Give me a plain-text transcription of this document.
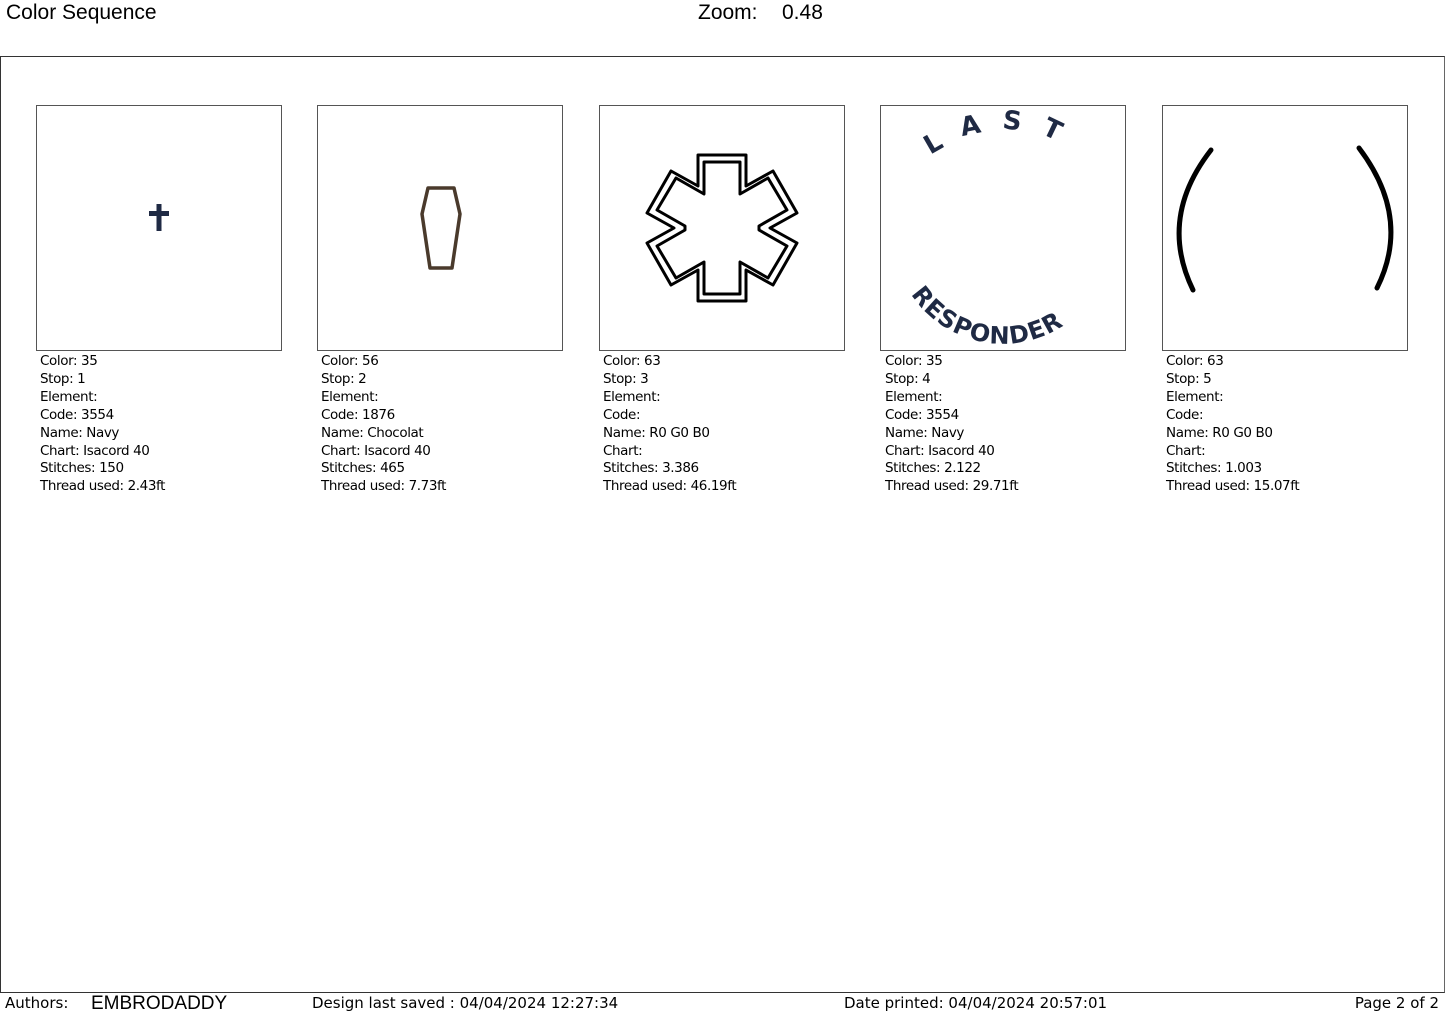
Color Sequence	Zoom: 0.48
LAST
RESPONDER
Color: 35
Stop: 1
Element:
Code: 3554
Name: Navy
Chart: Isacord 40
Stitches: 150
Thread used: 2.43ft
Color: 56
Stop: 2
Element:
Code: 1876
Name: Chocolat
Chart: Isacord 40
Stitches: 465
Thread used: 7.73ft
Color: 63
Stop: 3
Element:
Code:
Name: R0 G0 B0
Chart:
Stitches: 3.386
Thread used: 46.19ft
Color: 35
Stop: 4
Element:
Code: 3554
Name: Navy
Chart: Isacord 40
Stitches: 2.122
Thread used: 29.71ft
Color: 63
Stop: 5
Element:
Code:
Name: R0 G0 B0
Chart:
Stitches: 1.003
Thread used: 15.07ft
Authors: EMBRODADDY	Design last saved : 04/04/2024 12:27:34	Date printed: 04/04/2024 20:57:01	Page 2 of 2
